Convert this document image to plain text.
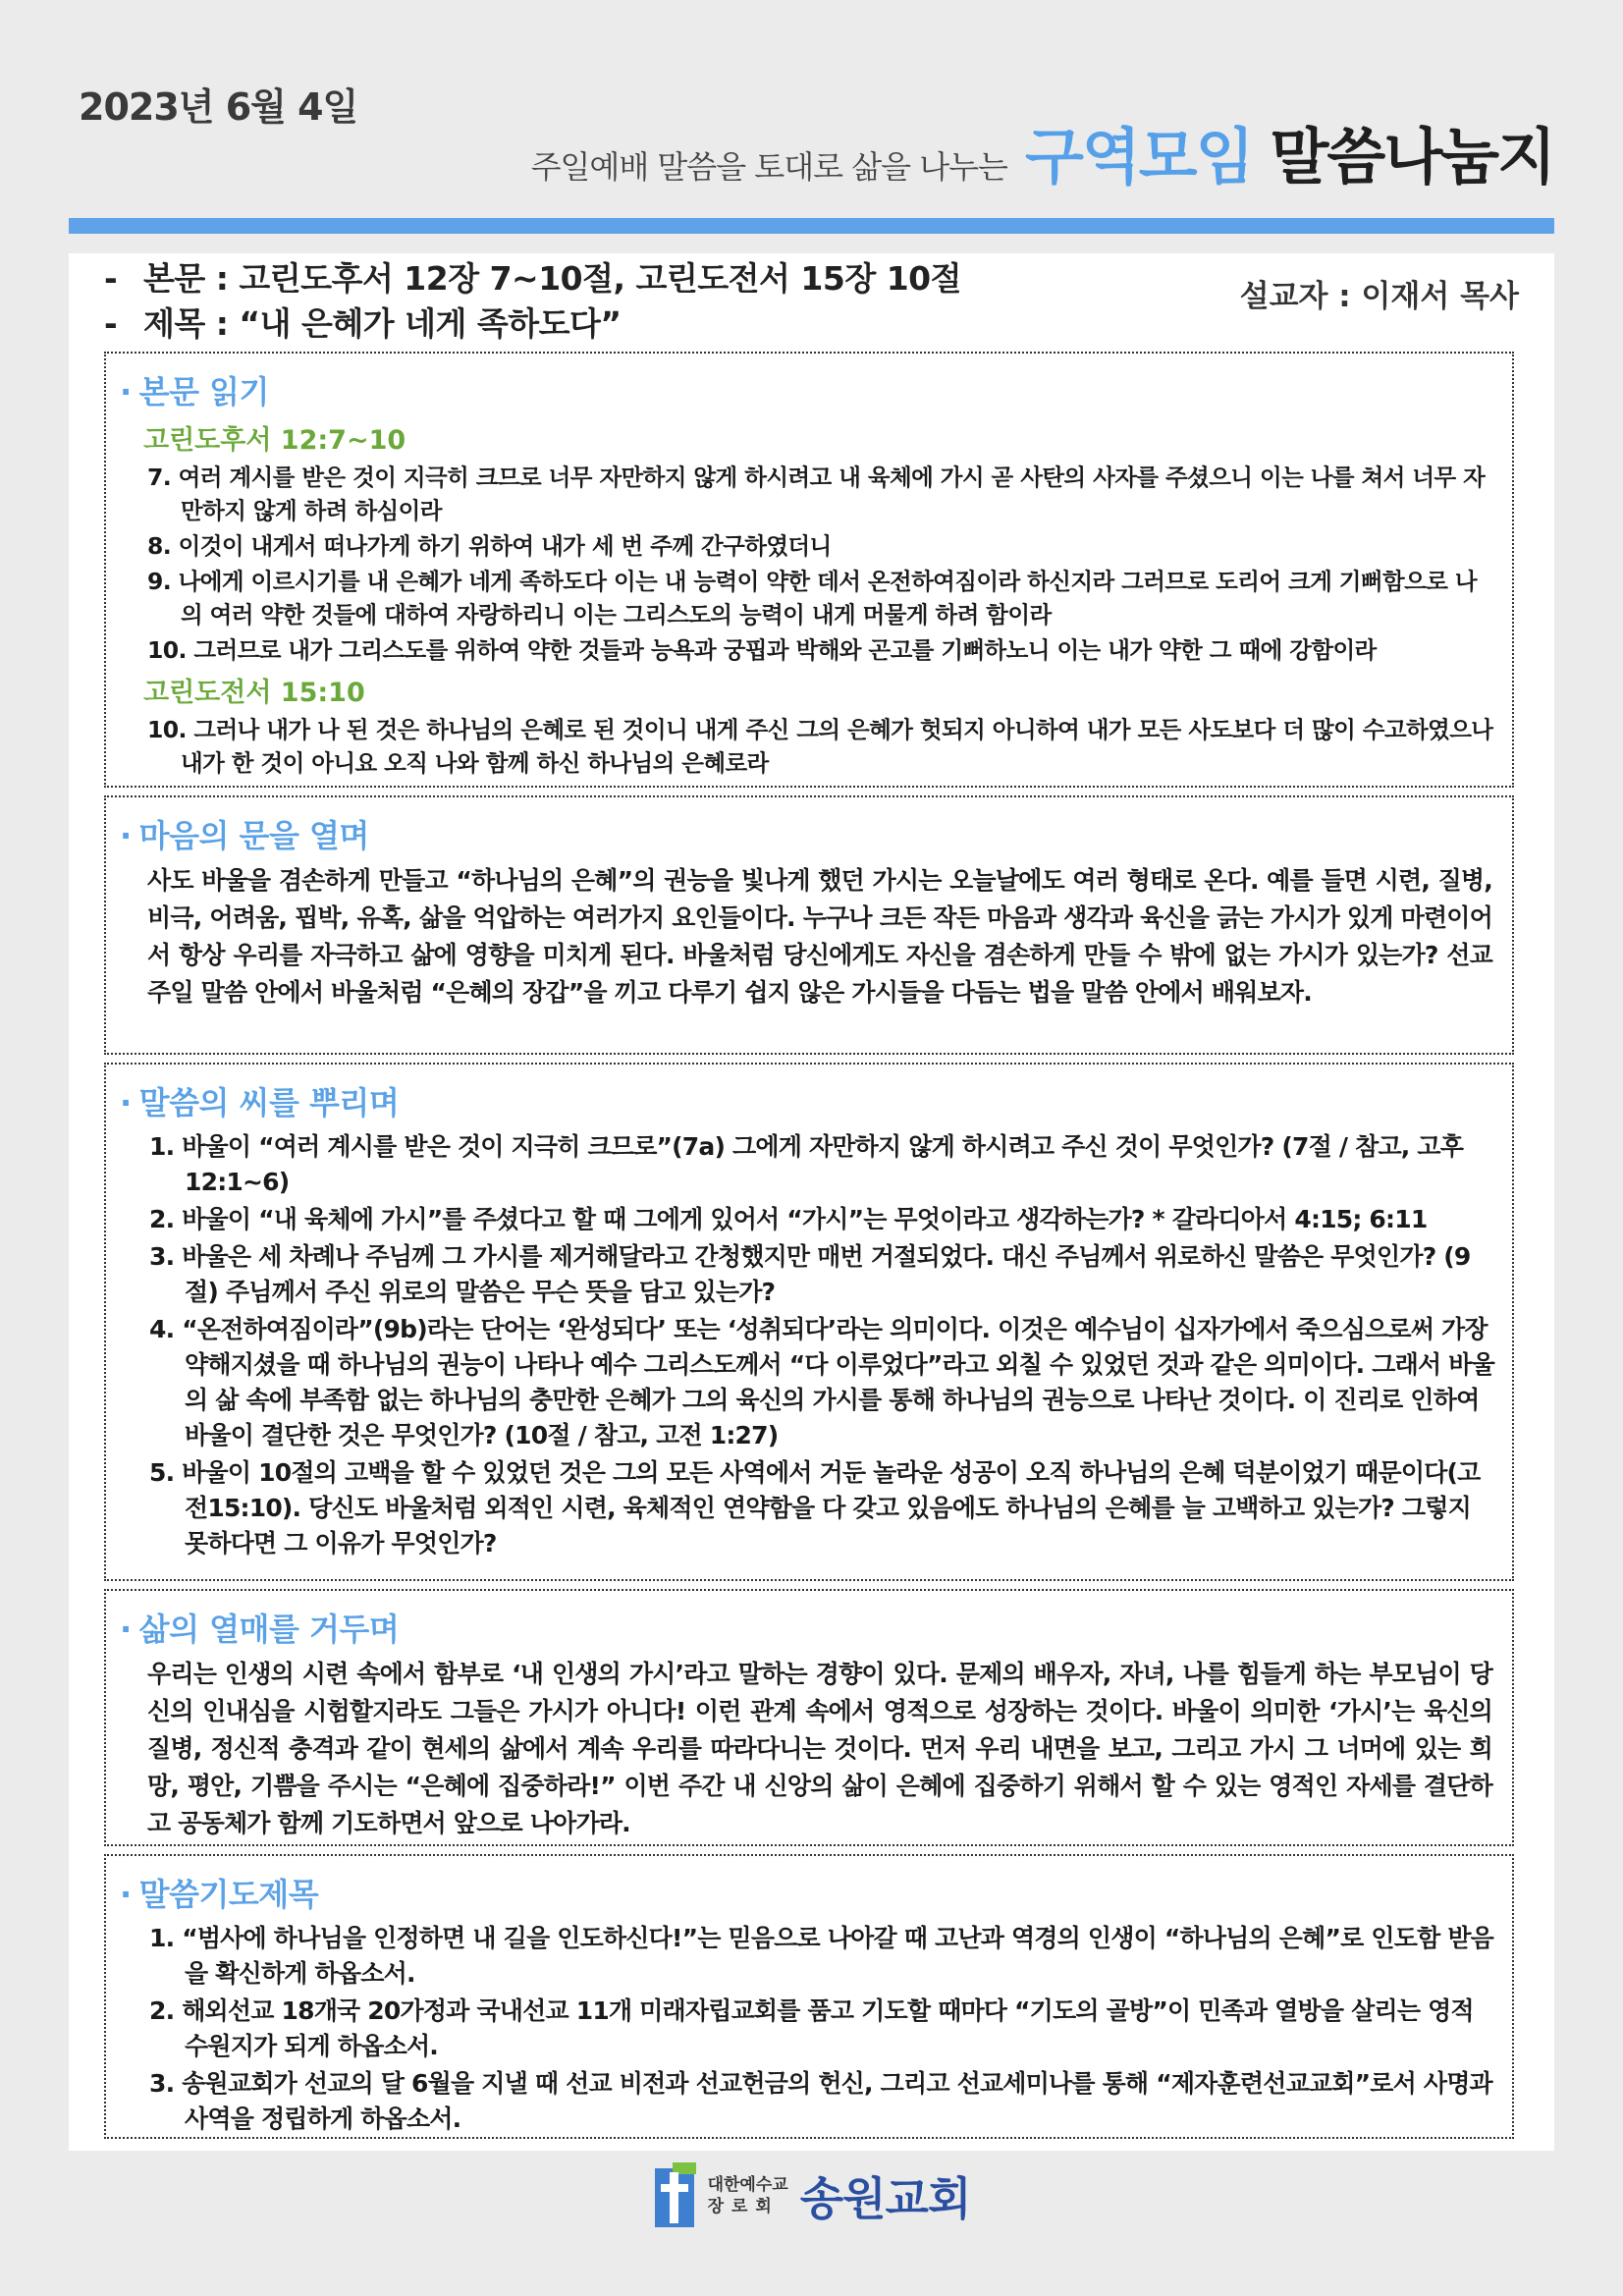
2023년 6월 4일
주일예배 말씀을 토대로 삶을 나누는 구역모임 말씀나눔지
- 본문 : 고린도후서 12장 7~10절, 고린도전서 15장 10절
- 제목 : “내 은혜가 네게 족하도다”
설교자 : 이재서 목사
· 본문 읽기
고린도후서 12:7~10
7. 여러 계시를 받은 것이 지극히 크므로 너무 자만하지 않게 하시려고 내 육체에 가시 곧 사탄의 사자를 주셨으니 이는 나를 쳐서 너무 자만하지 않게 하려 하심이라
8. 이것이 내게서 떠나가게 하기 위하여 내가 세 번 주께 간구하였더니
9. 나에게 이르시기를 내 은혜가 네게 족하도다 이는 내 능력이 약한 데서 온전하여짐이라 하신지라 그러므로 도리어 크게 기뻐함으로 나의 여러 약한 것들에 대하여 자랑하리니 이는 그리스도의 능력이 내게 머물게 하려 함이라
10. 그러므로 내가 그리스도를 위하여 약한 것들과 능욕과 궁핍과 박해와 곤고를 기뻐하노니 이는 내가 약한 그 때에 강함이라
고린도전서 15:10
10. 그러나 내가 나 된 것은 하나님의 은혜로 된 것이니 내게 주신 그의 은혜가 헛되지 아니하여 내가 모든 사도보다 더 많이 수고하였으나 내가 한 것이 아니요 오직 나와 함께 하신 하나님의 은혜로라
· 마음의 문을 열며
사도 바울을 겸손하게 만들고 “하나님의 은혜”의 권능을 빛나게 했던 가시는 오늘날에도 여러 형태로 온다. 예를 들면 시련, 질병, 비극, 어려움, 핍박, 유혹, 삶을 억압하는 여러가지 요인들이다. 누구나 크든 작든 마음과 생각과 육신을 긁는 가시가 있게 마련이어서 항상 우리를 자극하고 삶에 영향을 미치게 된다. 바울처럼 당신에게도 자신을 겸손하게 만들 수 밖에 없는 가시가 있는가? 선교주일 말씀 안에서 바울처럼 “은혜의 장갑”을 끼고 다루기 쉽지 않은 가시들을 다듬는 법을 말씀 안에서 배워보자.
· 말씀의 씨를 뿌리며
1. 바울이 “여러 계시를 받은 것이 지극히 크므로”(7a) 그에게 자만하지 않게 하시려고 주신 것이 무엇인가? (7절 / 참고, 고후 12:1~6)
2. 바울이 “내 육체에 가시”를 주셨다고 할 때 그에게 있어서 “가시”는 무엇이라고 생각하는가? * 갈라디아서 4:15; 6:11
3. 바울은 세 차례나 주님께 그 가시를 제거해달라고 간청했지만 매번 거절되었다. 대신 주님께서 위로하신 말씀은 무엇인가? (9절) 주님께서 주신 위로의 말씀은 무슨 뜻을 담고 있는가?
4. “온전하여짐이라”(9b)라는 단어는 ‘완성되다’ 또는 ‘성취되다’라는 의미이다. 이것은 예수님이 십자가에서 죽으심으로써 가장 약해지셨을 때 하나님의 권능이 나타나 예수 그리스도께서 “다 이루었다”라고 외칠 수 있었던 것과 같은 의미이다. 그래서 바울의 삶 속에 부족함 없는 하나님의 충만한 은혜가 그의 육신의 가시를 통해 하나님의 권능으로 나타난 것이다. 이 진리로 인하여 바울이 결단한 것은 무엇인가? (10절 / 참고, 고전 1:27)
5. 바울이 10절의 고백을 할 수 있었던 것은 그의 모든 사역에서 거둔 놀라운 성공이 오직 하나님의 은혜 덕분이었기 때문이다(고전15:10). 당신도 바울처럼 외적인 시련, 육체적인 연약함을 다 갖고 있음에도 하나님의 은혜를 늘 고백하고 있는가? 그렇지 못하다면 그 이유가 무엇인가?
· 삶의 열매를 거두며
우리는 인생의 시련 속에서 함부로 ‘내 인생의 가시’라고 말하는 경향이 있다. 문제의 배우자, 자녀, 나를 힘들게 하는 부모님이 당신의 인내심을 시험할지라도 그들은 가시가 아니다! 이런 관계 속에서 영적으로 성장하는 것이다. 바울이 의미한 ‘가시’는 육신의 질병, 정신적 충격과 같이 현세의 삶에서 계속 우리를 따라다니는 것이다. 먼저 우리 내면을 보고, 그리고 가시 그 너머에 있는 희망, 평안, 기쁨을 주시는 “은혜에 집중하라!” 이번 주간 내 신앙의 삶이 은혜에 집중하기 위해서 할 수 있는 영적인 자세를 결단하고 공동체가 함께 기도하면서 앞으로 나아가라.
· 말씀기도제목
1. “범사에 하나님을 인정하면 내 길을 인도하신다!”는 믿음으로 나아갈 때 고난과 역경의 인생이 “하나님의 은혜”로 인도함 받음을 확신하게 하옵소서.
2. 해외선교 18개국 20가정과 국내선교 11개 미래자립교회를 품고 기도할 때마다 “기도의 골방”이 민족과 열방을 살리는 영적 수원지가 되게 하옵소서.
3. 송원교회가 선교의 달 6월을 지낼 때 선교 비전과 선교헌금의 헌신, 그리고 선교세미나를 통해 “제자훈련선교교회”로서 사명과 사역을 정립하게 하옵소서.
대한예수교
장로회 송원교회
